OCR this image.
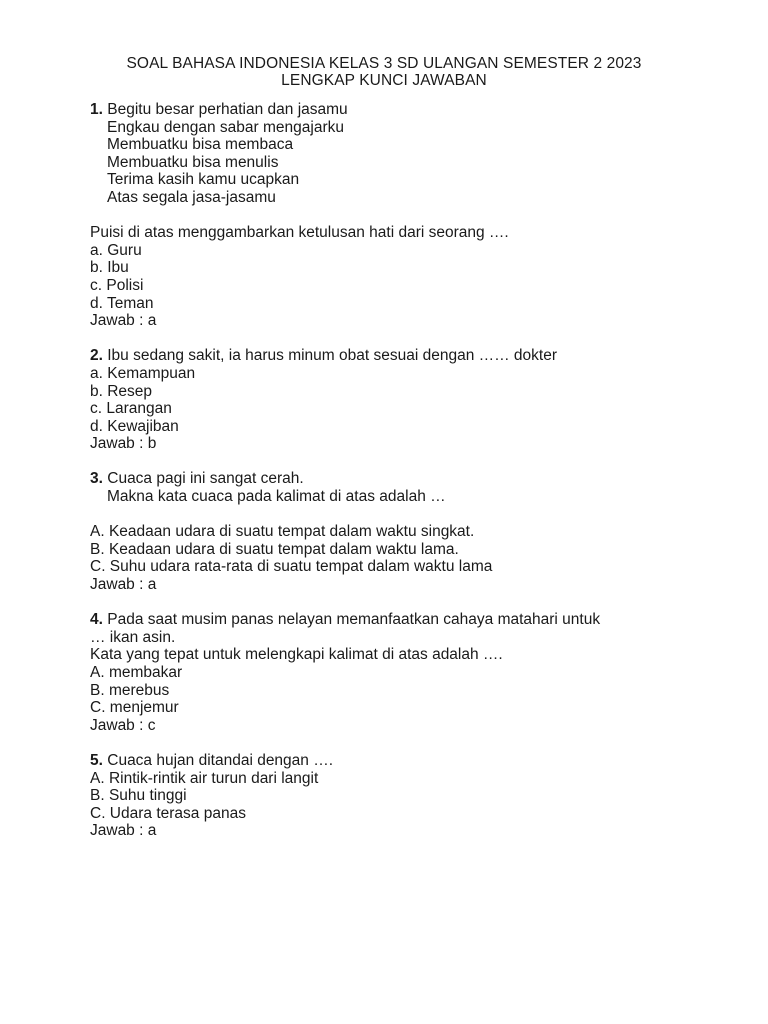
SOAL BAHASA INDONESIA KELAS 3 SD ULANGAN SEMESTER 2 2023
LENGKAP KUNCI JAWABAN
1. Begitu besar perhatian dan jasamu
Engkau dengan sabar mengajarku
Membuatku bisa membaca
Membuatku bisa menulis
Terima kasih kamu ucapkan
Atas segala jasa-jasamu
Puisi di atas menggambarkan ketulusan hati dari seorang ….
a. Guru
b. Ibu
c. Polisi
d. Teman
Jawab : a
2. Ibu sedang sakit, ia harus minum obat sesuai dengan …… dokter
a. Kemampuan
b. Resep
c. Larangan
d. Kewajiban
Jawab : b
3. Cuaca pagi ini sangat cerah.
Makna kata cuaca pada kalimat di atas adalah …
A. Keadaan udara di suatu tempat dalam waktu singkat.
B. Keadaan udara di suatu tempat dalam waktu lama.
C. Suhu udara rata-rata di suatu tempat dalam waktu lama
Jawab : a
4. Pada saat musim panas nelayan memanfaatkan cahaya matahari untuk
… ikan asin.
Kata yang tepat untuk melengkapi kalimat di atas adalah ….
A. membakar
B. merebus
C. menjemur
Jawab : c
5. Cuaca hujan ditandai dengan ….
A. Rintik-rintik air turun dari langit
B. Suhu tinggi
C. Udara terasa panas
Jawab : a
